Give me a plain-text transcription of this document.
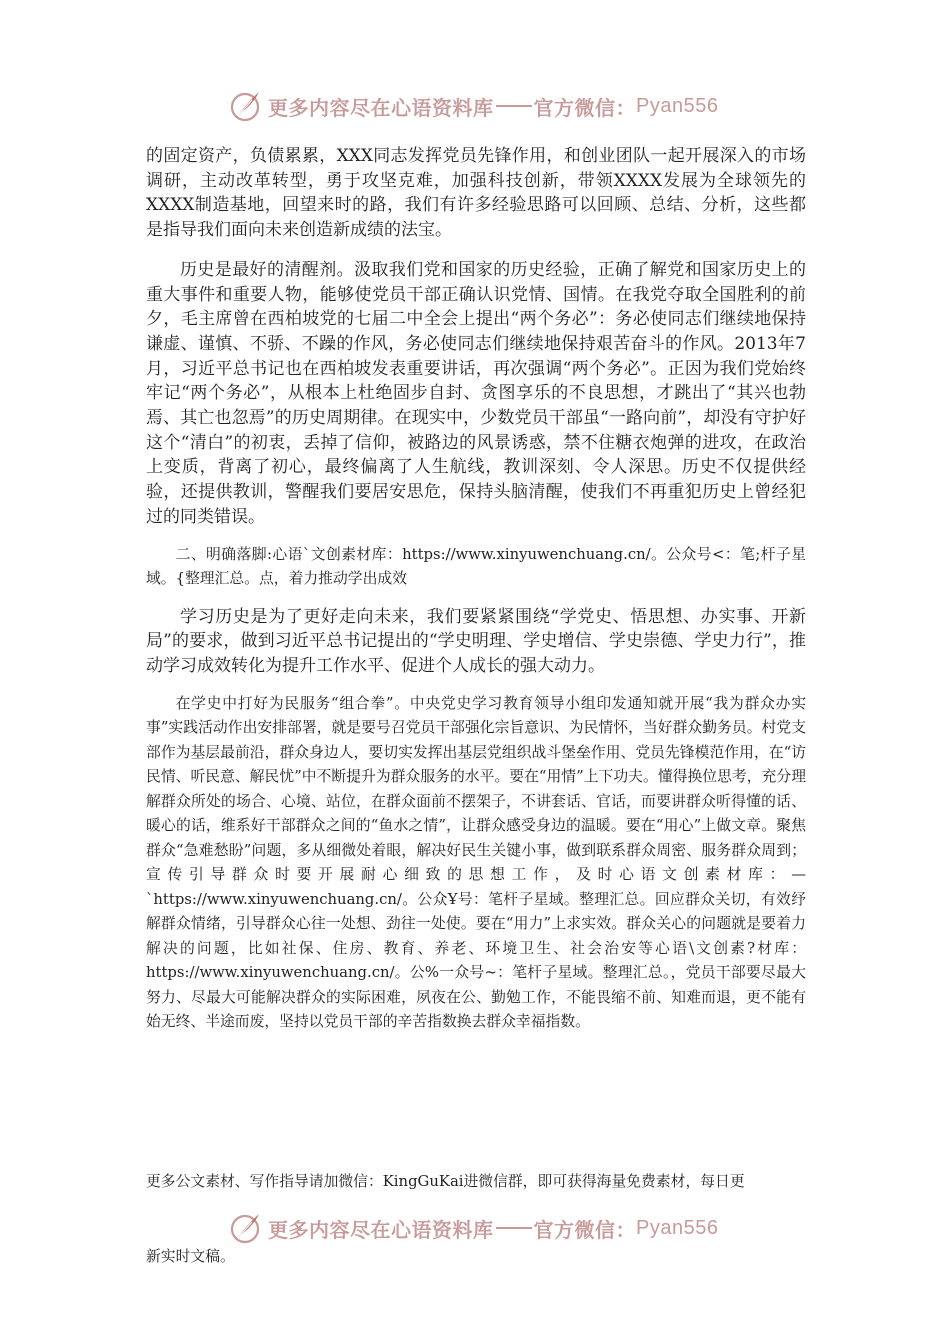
更多内容尽在心语资料库 官方微信： Pyan556

的固定资产，负债累累，XXX同志发挥党员先锋作用，和创业团队一起开展深入的市场调研，主动改革转型，勇于攻坚克难，加强科技创新，带领XXXX发展为全球领先的XXXX制造基地，回望来时的路，我们有许多经验思路可以回顾、总结、分析，这些都是指导我们面向未来创造新成绩的法宝。

历史是最好的清醒剂。汲取我们党和国家的历史经验，正确了解党和国家历史上的重大事件和重要人物，能够使党员干部正确认识党情、国情。在我党夺取全国胜利的前夕，毛主席曾在西柏坡党的七届二中全会上提出“两个务必”：务必使同志们继续地保持谦虚、谨慎、不骄、不躁的作风，务必使同志们继续地保持艰苦奋斗的作风。2013年7月，习近平总书记也在西柏坡发表重要讲话，再次强调“两个务必”。正因为我们党始终牢记“两个务必”，从根本上杜绝固步自封、贪图享乐的不良思想，才跳出了“其兴也勃焉、其亡也忽焉”的历史周期律。在现实中，少数党员干部虽“一路向前”，却没有守护好这个“清白”的初衷，丢掉了信仰，被路边的风景诱惑，禁不住糖衣炮弹的进攻，在政治上变质，背离了初心，最终偏离了人生航线，教训深刻、令人深思。历史不仅提供经验，还提供教训，警醒我们要居安思危，保持头脑清醒，使我们不再重犯历史上曾经犯过的同类错误。

二、明确落脚:心语`文创素材库：https://www.xinyuwenchuang.cn/。公众号<：笔;杆子星域。{整理汇总。点，着力推动学出成效

学习历史是为了更好走向未来，我们要紧紧围绕“学党史、悟思想、办实事、开新局”的要求，做到习近平总书记提出的“学史明理、学史增信、学史崇德、学史力行”，推动学习成效转化为提升工作水平、促进个人成长的强大动力。

在学史中打好为民服务“组合拳”。中央党史学习教育领导小组印发通知就开展“我为群众办实事”实践活动作出安排部署，就是要号召党员干部强化宗旨意识、为民情怀，当好群众勤务员。村党支部作为基层最前沿，群众身边人，要切实发挥出基层党组织战斗堡垒作用、党员先锋模范作用，在“访民情、听民意、解民忧”中不断提升为群众服务的水平。要在“用情”上下功夫。懂得换位思考，充分理解群众所处的场合、心境、站位，在群众面前不摆架子，不讲套话、官话，而要讲群众听得懂的话、暖心的话，维系好干部群众之间的“鱼水之情”，让群众感受身边的温暖。要在“用心”上做文章。聚焦群众“急难愁盼”问题，多从细微处着眼，解决好民生关键小事，做到联系群众周密、服务群众周到；宣传引导群众时要开展耐心细致的思想工作，及时心语文创素材库：—`https://www.xinyuwenchuang.cn/。公众Ұ号：笔杆子星域。整理汇总。回应群众关切，有效纾解群众情绪，引导群众心往一处想、劲往一处使。要在“用力”上求实效。群众关心的问题就是要着力解决的问题，比如社保、住房、教育、养老、环境卫生、社会治安等心语\文创素?材库：https://www.xinyuwenchuang.cn/。公%一众号~：笔杆子星域。整理汇总。，党员干部要尽最大努力、尽最大可能解决群众的实际困难，夙夜在公、勤勉工作，不能畏缩不前、知难而退，更不能有始无终、半途而废，坚持以党员干部的辛苦指数换去群众幸福指数。

更多公文素材、写作指导请加微信：KingGuKai进微信群，即可获得海量免费素材，每日更
更多内容尽在心语资料库 官方微信： Pyan556
新实时文稿。
